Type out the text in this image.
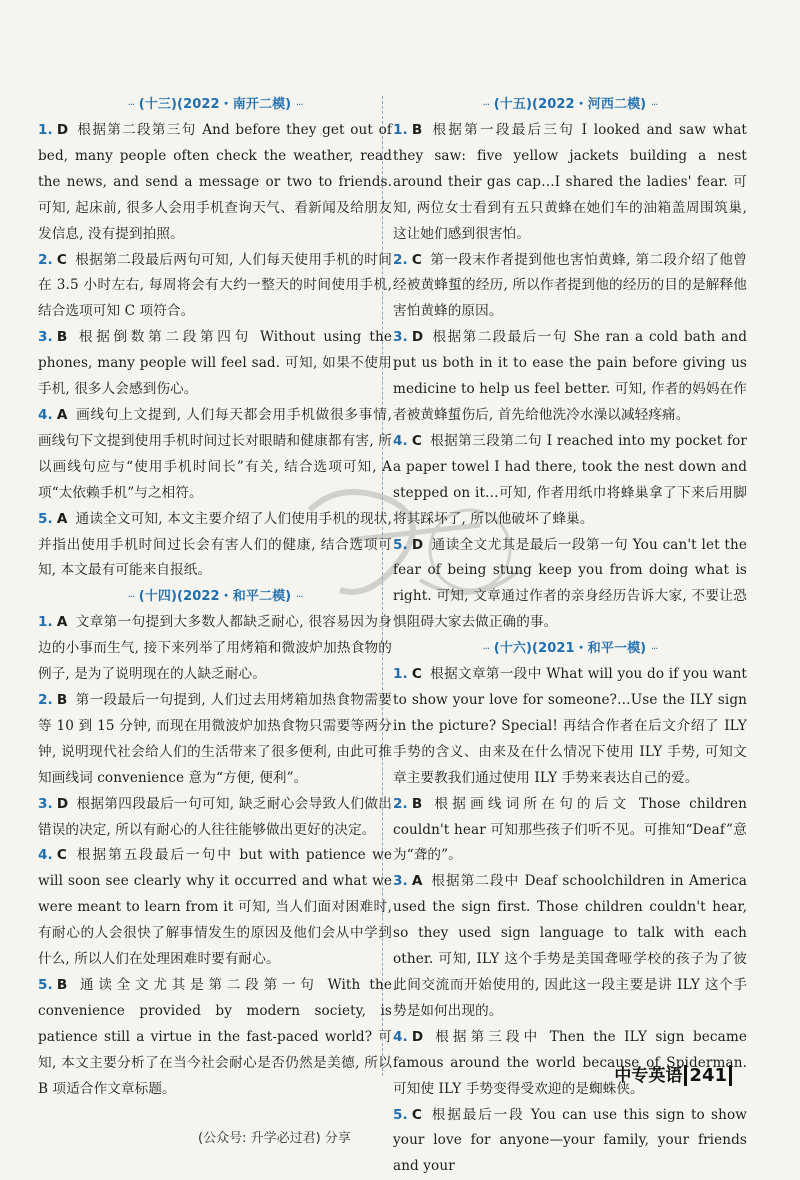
··· (十三)(2022・南开二模) ···

1. D 根据第二段第三句 And before they get out of bed, many people often check the weather, read the news, and send a message or two to friends. 可知, 起床前, 很多人会用手机查询天气、看新闻及给朋友发信息, 没有提到拍照。

2. C 根据第二段最后两句可知, 人们每天使用手机的时间在 3.5 小时左右, 每周将会有大约一整天的时间使用手机, 结合选项可知 C 项符合。

3. B 根据倒数第二段第四句 Without using the phones, many people will feel sad. 可知, 如果不使用手机, 很多人会感到伤心。

4. A 画线句上文提到, 人们每天都会用手机做很多事情, 画线句下文提到使用手机时间过长对眼睛和健康都有害, 所以画线句应与“使用手机时间长”有关, 结合选项可知, A 项“太依赖手机”与之相符。

5. A 通读全文可知, 本文主要介绍了人们使用手机的现状, 并指出使用手机时间过长会有害人们的健康, 结合选项可知, 本文最有可能来自报纸。

··· (十四)(2022・和平二模) ···

1. A 文章第一句提到大多数人都缺乏耐心, 很容易因为身边的小事而生气, 接下来列举了用烤箱和微波炉加热食物的例子, 是为了说明现在的人缺乏耐心。

2. B 第一段最后一句提到, 人们过去用烤箱加热食物需要等 10 到 15 分钟, 而现在用微波炉加热食物只需要等两分钟, 说明现代社会给人们的生活带来了很多便利, 由此可推知画线词 convenience 意为“方便, 便利”。

3. D 根据第四段最后一句可知, 缺乏耐心会导致人们做出错误的决定, 所以有耐心的人往往能够做出更好的决定。

4. C 根据第五段最后一句中 but with patience we will soon see clearly why it occurred and what we were meant to learn from it 可知, 当人们面对困难时, 有耐心的人会很快了解事情发生的原因及他们会从中学到什么, 所以人们在处理困难时要有耐心。

5. B 通读全文尤其是第二段第一句 With the convenience provided by modern society, is patience still a virtue in the fast-paced world? 可知, 本文主要分析了在当今社会耐心是否仍然是美德, 所以 B 项适合作文章标题。

··· (十五)(2022・河西二模) ···

1. B 根据第一段最后三句 I looked and saw what they saw: five yellow jackets building a nest around their gas cap…I shared the ladies' fear. 可知, 两位女士看到有五只黄蜂在她们车的油箱盖周围筑巢, 这让她们感到很害怕。

2. C 第一段末作者提到他也害怕黄蜂, 第二段介绍了他曾经被黄蜂蜇的经历, 所以作者提到他的经历的目的是解释他害怕黄蜂的原因。

3. D 根据第二段最后一句 She ran a cold bath and put us both in it to ease the pain before giving us medicine to help us feel better. 可知, 作者的妈妈在作者被黄蜂蜇伤后, 首先给他洗冷水澡以减轻疼痛。

4. C 根据第三段第二句 I reached into my pocket for a paper towel I had there, took the nest down and stepped on it…可知, 作者用纸巾将蜂巢拿了下来后用脚将其踩坏了, 所以他破坏了蜂巢。

5. D 通读全文尤其是最后一段第一句 You can't let the fear of being stung keep you from doing what is right. 可知, 文章通过作者的亲身经历告诉大家, 不要让恐惧阻碍大家去做正确的事。

··· (十六)(2021・和平一模) ···

1. C 根据文章第一段中 What will you do if you want to show your love for someone?…Use the ILY sign in the picture? Special! 再结合作者在后文介绍了 ILY 手势的含义、由来及在什么情况下使用 ILY 手势, 可知文章主要教我们通过使用 ILY 手势来表达自己的爱。

2. B 根据画线词所在句的后文 Those children couldn't hear 可知那些孩子们听不见。可推知“Deaf”意为“聋的”。

3. A 根据第二段中 Deaf schoolchildren in America used the sign first. Those children couldn't hear, so they used sign language to talk with each other. 可知, ILY 这个手势是美国聋哑学校的孩子为了彼此间交流而开始使用的, 因此这一段主要是讲 ILY 这个手势是如何出现的。

4. D 根据第三段中 Then the ILY sign became famous around the world because of Spiderman. 可知使 ILY 手势变得受欢迎的是蜘蛛侠。

5. C 根据最后一段 You can use this sign to show your love for anyone—your family, your friends and your

中专英语 241
(公众号: 升学必过君) 分享
